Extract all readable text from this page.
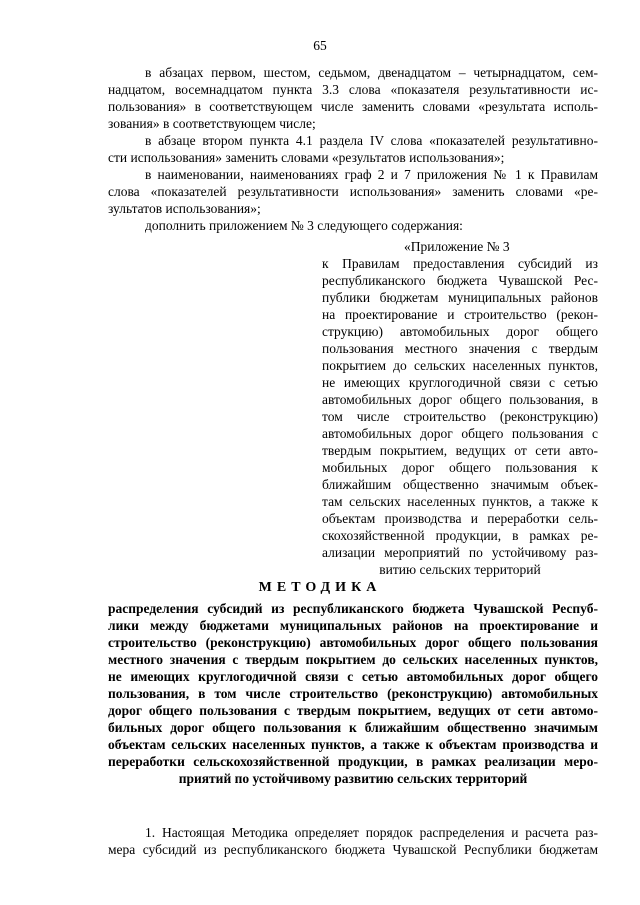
65
в абзацах первом, шестом, седьмом, двенадцатом – четырнадцатом, сем-
надцатом, восемнадцатом пункта 3.3 слова «показателя результативности ис-
пользования» в соответствующем числе заменить словами «результата исполь-
зования» в соответствующем числе;
в абзаце втором пункта 4.1 раздела IV слова «показателей результативно-
сти использования» заменить словами «результатов использования»;
в наименовании, наименованиях граф 2 и 7 приложения № 1 к Правилам
слова «показателей результативности использования» заменить словами «ре-
зультатов использования»;
дополнить приложением № 3 следующего содержания:
«Приложение № 3
к Правилам предоставления субсидий из
республиканского бюджета Чувашской Рес-
публики бюджетам муниципальных районов
на проектирование и строительство (рекон-
струкцию) автомобильных дорог общего
пользования местного значения с твердым
покрытием до сельских населенных пунктов,
не имеющих круглогодичной связи с сетью
автомобильных дорог общего пользования, в
том числе строительство (реконструкцию)
автомобильных дорог общего пользования с
твердым покрытием, ведущих от сети авто-
мобильных дорог общего пользования к
ближайшим общественно значимым объек-
там сельских населенных пунктов, а также к
объектам производства и переработки сель-
скохозяйственной продукции, в рамках ре-
ализации мероприятий по устойчивому раз-
витию сельских территорий
МЕТОДИКА
распределения субсидий из республиканского бюджета Чувашской Респуб-
лики между бюджетами муниципальных районов на проектирование и
строительство (реконструкцию) автомобильных дорог общего пользования
местного значения с твердым покрытием до сельских населенных пунктов,
не имеющих круглогодичной связи с сетью автомобильных дорог общего
пользования, в том числе строительство (реконструкцию) автомобильных
дорог общего пользования с твердым покрытием, ведущих от сети автомо-
бильных дорог общего пользования к ближайшим общественно значимым
объектам сельских населенных пунктов, а также к объектам производства и
переработки сельскохозяйственной продукции, в рамках реализации меро-
приятий по устойчивому развитию сельских территорий
1. Настоящая Методика определяет порядок распределения и расчета раз-
мера субсидий из республиканского бюджета Чувашской Республики бюджетам
